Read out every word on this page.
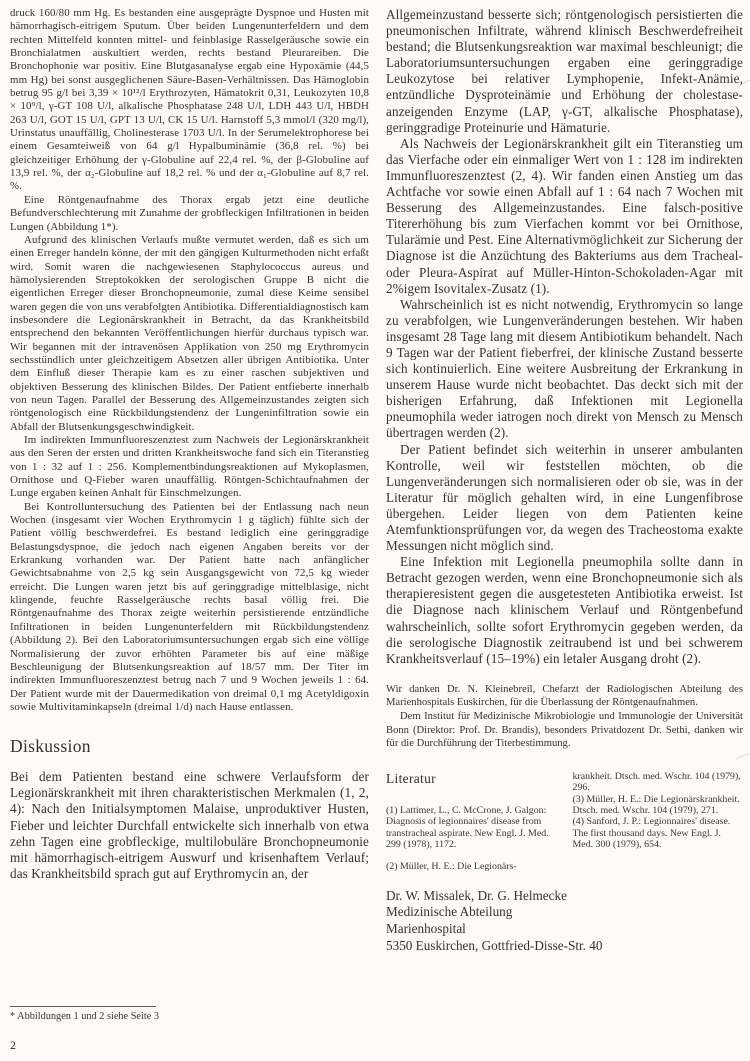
druck 160/80 mm Hg. Es bestanden eine ausgeprägte Dyspnoe und Husten mit hämorrhagisch-eitrigem Sputum. Über beiden Lungenunterfeldern und dem rechten Mittelfeld konnten mittel- und feinblasige Rasselgeräusche sowie ein Bronchialatmen auskultiert werden, rechts bestand Pleurareiben. Die Bronchophonie war positiv. Eine Blutgasanalyse ergab eine Hypoxämie (44,5 mm Hg) bei sonst ausgeglichenen Säure-Basen-Verhältnissen. Das Hämoglobin betrug 95 g/l bei 3,39 × 10¹²/l Erythrozyten, Hämatokrit 0,31, Leukozyten 10,8 × 10⁹/l, γ-GT 108 U/l, alkalische Phosphatase 248 U/l, LDH 443 U/l, HBDH 263 U/l, GOT 15 U/l, GPT 13 U/l, CK 15 U/l. Harnstoff 5,3 mmol/l (320 mg/l), Urinstatus unauffällig, Cholinesterase 1703 U/l. In der Serumelektrophorese bei einem Gesamteiweiß von 64 g/l Hypalbuminämie (36,8 rel. %) bei gleichzeitiger Erhöhung der γ-Globuline auf 22,4 rel. %, der β-Globuline auf 13,9 rel. %, der α₂-Globuline auf 18,2 rel. % und der α₁-Globuline auf 8,7 rel. %.

Eine Röntgenaufnahme des Thorax ergab jetzt eine deutliche Befundverschlechterung mit Zunahme der grobfleckigen Infiltrationen in beiden Lungen (Abbildung 1*).

Aufgrund des klinischen Verlaufs mußte vermutet werden, daß es sich um einen Erreger handeln könne, der mit den gängigen Kulturmethoden nicht erfaßt wird. Somit waren die nachgewiesenen Staphylococcus aureus und hämolysierenden Streptokokken der serologischen Gruppe B nicht die eigentlichen Erreger dieser Bronchopneumonie, zumal diese Keime sensibel waren gegen die von uns verabfolgten Antibiotika. Differentialdiagnostisch kam insbesondere die Legionärskrankheit in Betracht, da das Krankheitsbild entsprechend den bekannten Veröffentlichungen hierfür durchaus typisch war. Wir begannen mit der intravenösen Applikation von 250 mg Erythromycin sechsstündlich unter gleichzeitigem Absetzen aller übrigen Antibiotika. Unter dem Einfluß dieser Therapie kam es zu einer raschen subjektiven und objektiven Besserung des klinischen Bildes. Der Patient entfieberte innerhalb von neun Tagen. Parallel der Besserung des Allgemeinzustandes zeigten sich röntgenologisch eine Rückbildungstendenz der Lungeninfiltration sowie ein Abfall der Blutsenkungsgeschwindigkeit.

Im indirekten Immunfluoreszenztest zum Nachweis der Legionärskrankheit aus den Seren der ersten und dritten Krankheitswoche fand sich ein Titeranstieg von 1 : 32 auf 1 : 256. Komplementbindungsreaktionen auf Mykoplasmen, Ornithose und Q-Fieber waren unauffällig. Röntgen-Schichtaufnahmen der Lunge ergaben keinen Anhalt für Einschmelzungen.

Bei Kontrolluntersuchung des Patienten bei der Entlassung nach neun Wochen (insgesamt vier Wochen Erythromycin 1 g täglich) fühlte sich der Patient völlig beschwerdefrei. Es bestand lediglich eine geringgradige Belastungsdyspnoe, die jedoch nach eigenen Angaben bereits vor der Erkrankung vorhanden war. Der Patient hatte nach anfänglicher Gewichtsabnahme von 2,5 kg sein Ausgangsgewicht von 72,5 kg wieder erreicht. Die Lungen waren jetzt bis auf geringgradige mittelblasige, nicht klingende, feuchte Rasselgeräusche rechts basal völlig frei. Die Röntgenaufnahme des Thorax zeigte weiterhin persistierende entzündliche Infiltrationen in beiden Lungenunterfeldern mit Rückbildungstendenz (Abbildung 2). Bei den Laboratoriumsuntersuchungen ergab sich eine völlige Normalisierung der zuvor erhöhten Parameter bis auf eine mäßige Beschleunigung der Blutsenkungsreaktion auf 18/57 mm. Der Titer im indirekten Immunfluoreszenztest betrug nach 7 und 9 Wochen jeweils 1 : 64. Der Patient wurde mit der Dauermedikation von dreimal 0,1 mg Acetyldigoxin sowie Multivitaminkapseln (dreimal 1/d) nach Hause entlassen.

Diskussion

Bei dem Patienten bestand eine schwere Verlaufsform der Legionärskrankheit mit ihren charakteristischen Merkmalen (1, 2, 4): Nach den Initialsymptomen Malaise, unproduktiver Husten, Fieber und leichter Durchfall entwickelte sich innerhalb von etwa zehn Tagen eine grobfleckige, multilobuläre Bronchopneumonie mit hämorrhagisch-eitrigem Auswurf und krisenhaftem Verlauf; das Krankheitsbild sprach gut auf Erythromycin an, der

Allgemeinzustand besserte sich; röntgenologisch persistierten die pneumonischen Infiltrate, während klinisch Beschwerdefreiheit bestand; die Blutsenkungsreaktion war maximal beschleunigt; die Laboratoriumsuntersuchungen ergaben eine geringgradige Leukozytose bei relativer Lymphopenie, Infekt-Anämie, entzündliche Dysproteinämie und Erhöhung der cholestase-anzeigenden Enzyme (LAP, γ-GT, alkalische Phosphatase), geringgradige Proteinurie und Hämaturie.

Als Nachweis der Legionärskrankheit gilt ein Titeranstieg um das Vierfache oder ein einmaliger Wert von 1 : 128 im indirekten Immunfluoreszenztest (2, 4). Wir fanden einen Anstieg um das Achtfache vor sowie einen Abfall auf 1 : 64 nach 7 Wochen mit Besserung des Allgemeinzustandes. Eine falsch-positive Titererhöhung bis zum Vierfachen kommt vor bei Ornithose, Tularämie und Pest. Eine Alternativmöglichkeit zur Sicherung der Diagnose ist die Anzüchtung des Bakteriums aus dem Tracheal- oder Pleura-Aspirat auf Müller-Hinton-Schokoladen-Agar mit 2%igem Isovitalex-Zusatz (1).

Wahrscheinlich ist es nicht notwendig, Erythromycin so lange zu verabfolgen, wie Lungenveränderungen bestehen. Wir haben insgesamt 28 Tage lang mit diesem Antibiotikum behandelt. Nach 9 Tagen war der Patient fieberfrei, der klinische Zustand besserte sich kontinuierlich. Eine weitere Ausbreitung der Erkrankung in unserem Hause wurde nicht beobachtet. Das deckt sich mit der bisherigen Erfahrung, daß Infektionen mit Legionella pneumophila weder iatrogen noch direkt von Mensch zu Mensch übertragen werden (2).

Der Patient befindet sich weiterhin in unserer ambulanten Kontrolle, weil wir feststellen möchten, ob die Lungenveränderungen sich normalisieren oder ob sie, was in der Literatur für möglich gehalten wird, in eine Lungenfibrose übergehen. Leider liegen von dem Patienten keine Atemfunktionsprüfungen vor, da wegen des Tracheostoma exakte Messungen nicht möglich sind.

Eine Infektion mit Legionella pneumophila sollte dann in Betracht gezogen werden, wenn eine Bronchopneumonie sich als therapieresistent gegen die ausgetesteten Antibiotika erweist. Ist die Diagnose nach klinischem Verlauf und Röntgenbefund wahrscheinlich, sollte sofort Erythromycin gegeben werden, da die serologische Diagnostik zeitraubend ist und bei schwerem Krankheitsverlauf (15–19%) ein letaler Ausgang droht (2).

Wir danken Dr. N. Kleinebreil, Chefarzt der Radiologischen Abteilung des Marienhospitals Euskirchen, für die Überlassung der Röntgenaufnahmen.

Dem Institut für Medizinische Mikrobiologie und Immunologie der Universität Bonn (Direktor: Prof. Dr. Brandis), besonders Privatdozent Dr. Sethi, danken wir für die Durchführung der Titerbestimmung.

Literatur

(1) Lattimer, L., C. McCrone, J. Galgon: Diagnosis of legionnaires' disease from transtracheal aspirate. New Engl. J. Med. 299 (1978), 1172.

(2) Müller, H. E.: Die Legionärs-

krankheit. Dtsch. med. Wschr. 104 (1979), 296.

(3) Müller, H. E.: Die Legionärskrankheit. Dtsch. med. Wschr. 104 (1979), 271.

(4) Sanford, J. P.: Legionnaires' disease. The first thousand days. New Engl. J. Med. 300 (1979), 654.

Dr. W. Missalek, Dr. G. Helmecke

Medizinische Abteilung

Marienhospital

5350 Euskirchen, Gottfried-Disse-Str. 40

* Abbildungen 1 und 2 siehe Seite 3

2
